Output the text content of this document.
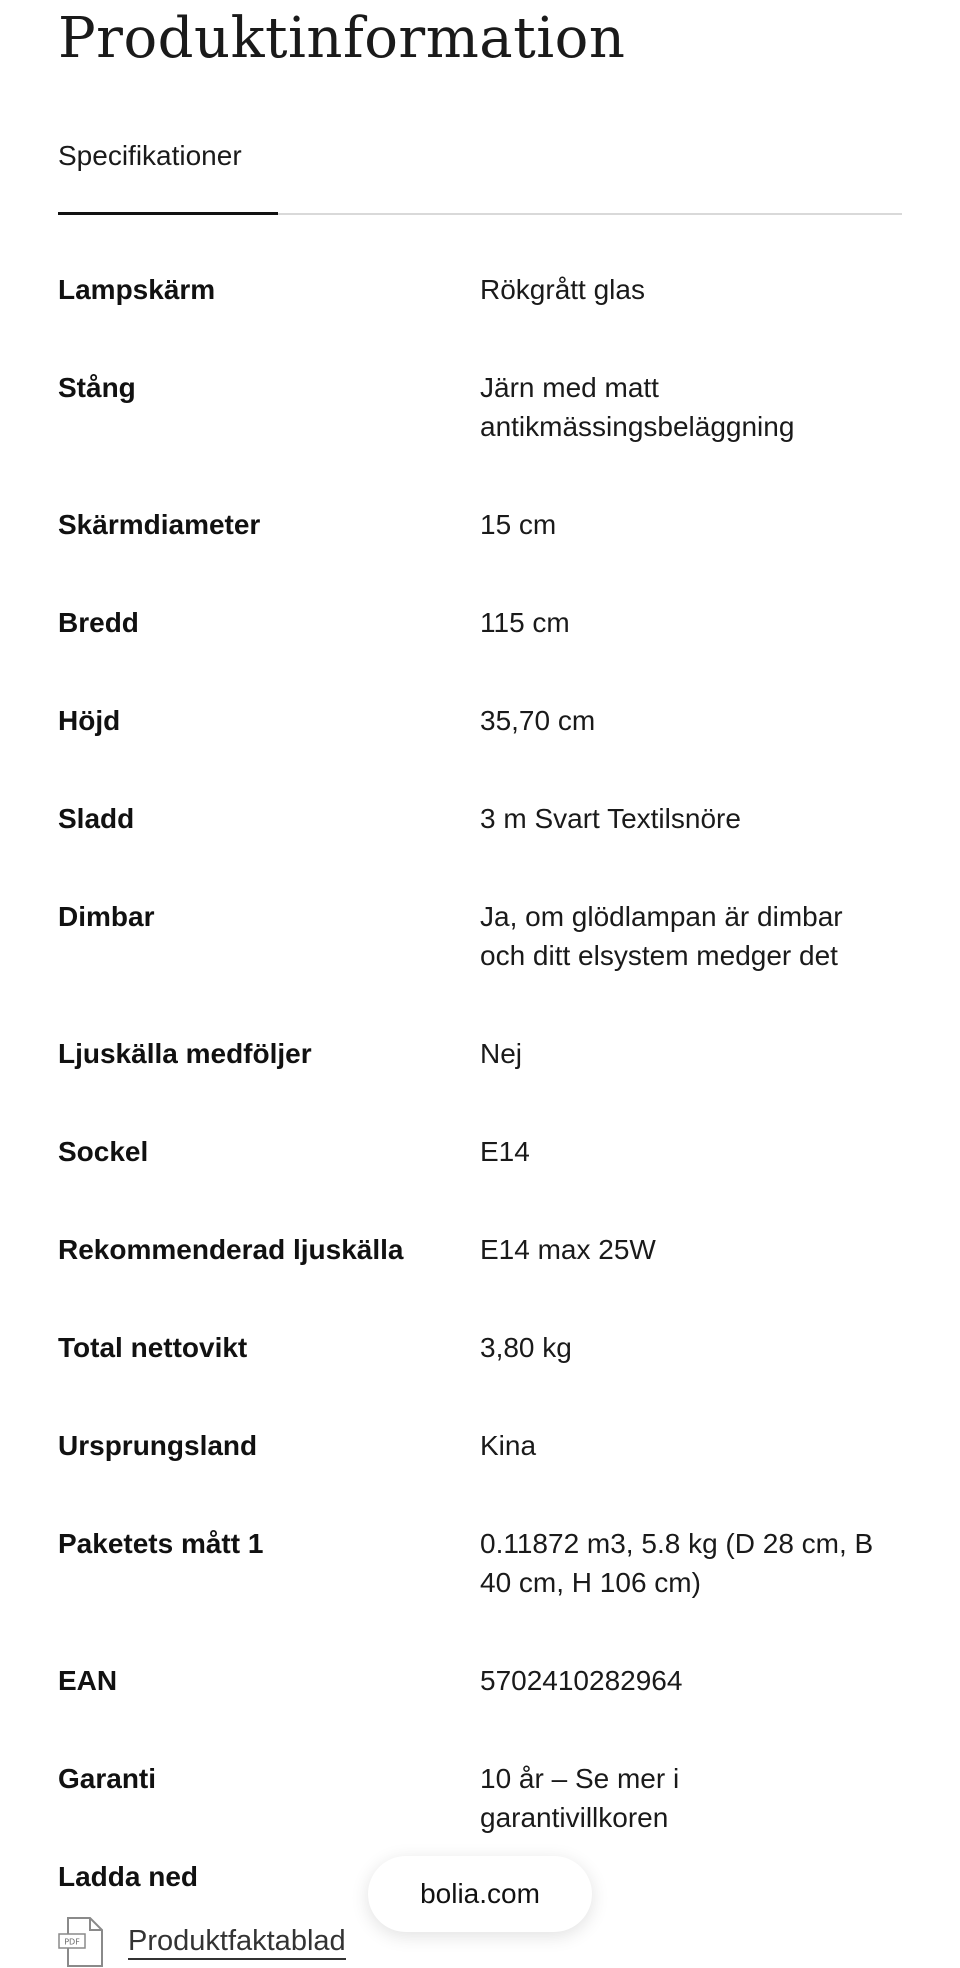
Produktinformation
Specifikationer
Lampskärm	Rökgrått glas
Stång	Järn med matt antikmässingsbeläggning
Skärmdiameter	15 cm
Bredd	115 cm
Höjd	35,70 cm
Sladd	3 m Svart Textilsnöre
Dimbar	Ja, om glödlampan är dimbar och ditt elsystem medger det
Ljuskälla medföljer	Nej
Sockel	E14
Rekommenderad ljuskälla	E14 max 25W
Total nettovikt	3,80 kg
Ursprungsland	Kina
Paketets mått 1	0.11872 m3, 5.8 kg (D 28 cm, B 40 cm, H 106 cm)
EAN	5702410282964
Garanti	10 år – Se mer i garantivillkoren
Ladda ned
PDF Produktfaktablad
bolia.com
